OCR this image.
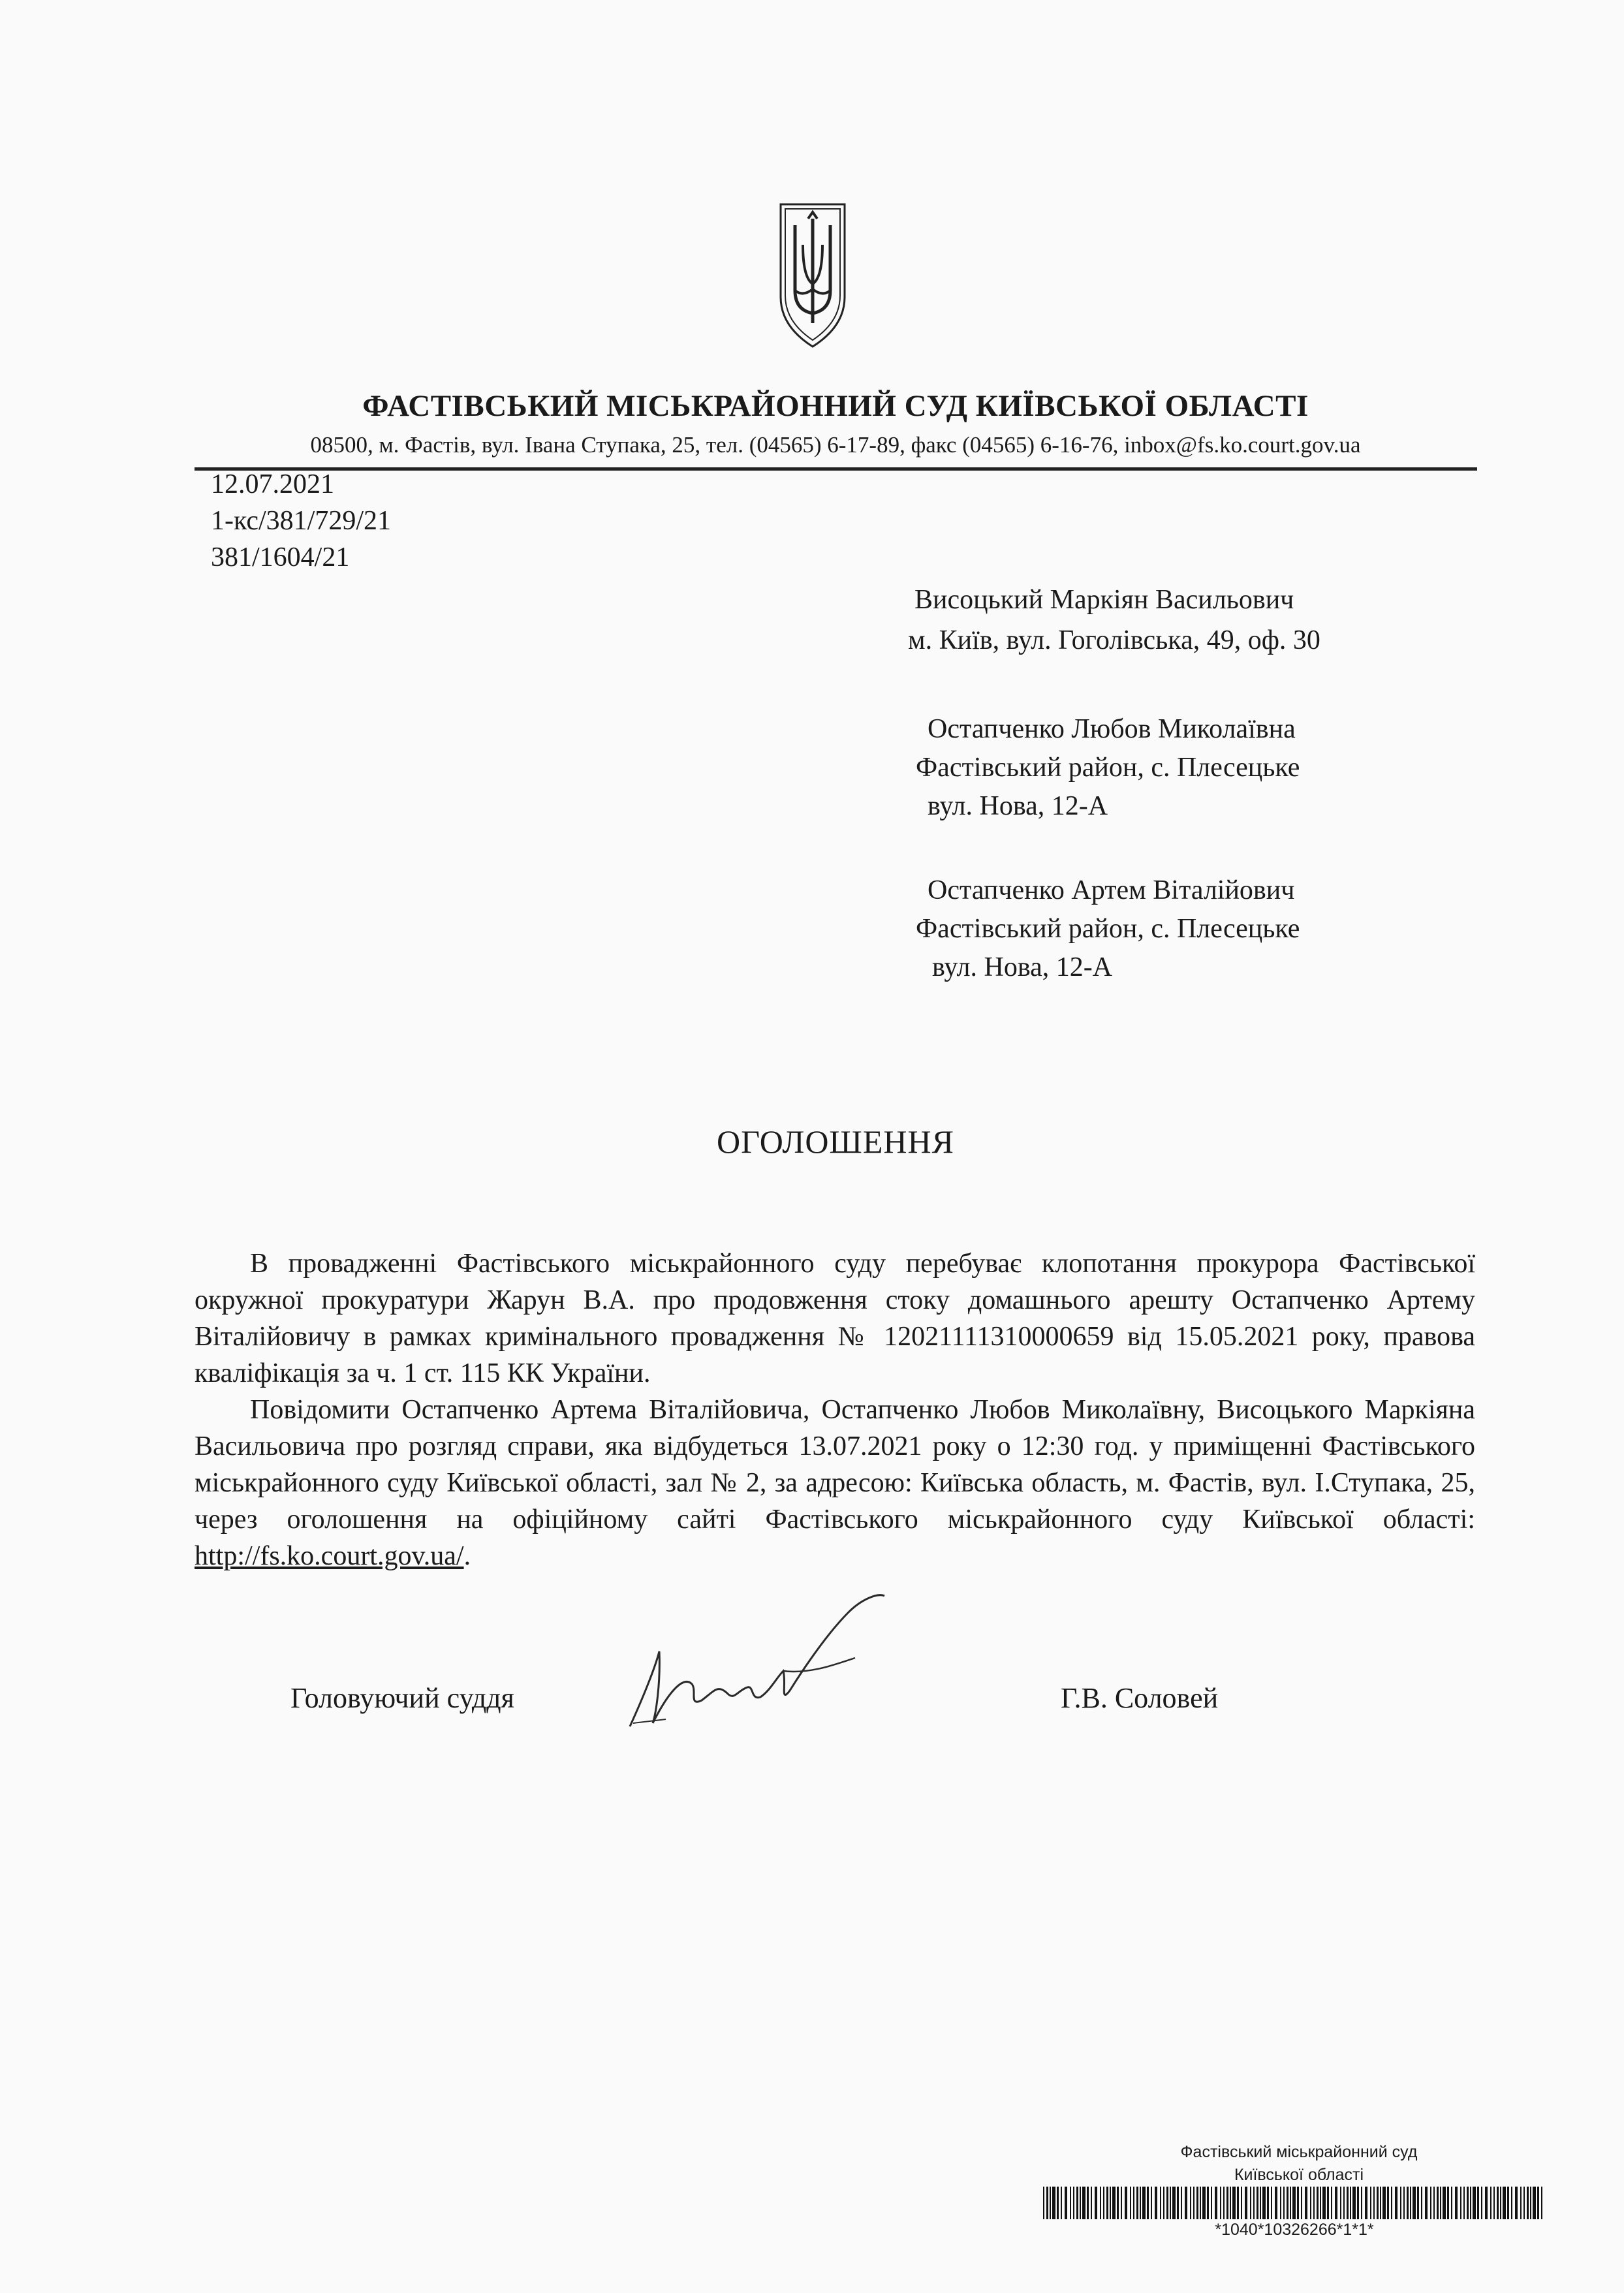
ФАСТІВСЬКИЙ МІСЬКРАЙОННИЙ СУД КИЇВСЬКОЇ ОБЛАСТІ
08500, м. Фастів, вул. Івана Ступака, 25, тел. (04565) 6-17-89, факс (04565) 6-16-76, inbox@fs.ko.court.gov.ua
12.07.2021
1-кс/381/729/21
381/1604/21
Висоцький Маркіян Васильович
м. Київ, вул. Гоголівська, 49, оф. 30
Остапченко Любов Миколаївна
Фастівський район, с. Плесецьке
вул. Нова, 12-А
Остапченко Артем Віталійович
Фастівський район, с. Плесецьке
вул. Нова, 12-А
ОГОЛОШЕННЯ

В провадженні Фастівського міськрайонного суду перебуває клопотання прокурора Фастівської окружної прокуратури Жарун В.А. про продовження стоку домашнього арешту Остапченко Артему Віталійовичу в рамках кримінального провадження № 12021111310000659 від 15.05.2021 року, правова кваліфікація за ч. 1 ст. 115 КК України.

Повідомити Остапченко Артема Віталійовича, Остапченко Любов Миколаївну, Висоцького Маркіяна Васильовича про розгляд справи, яка відбудеться 13.07.2021 року о 12:30 год. у приміщенні Фастівського міськрайонного суду Київської області, зал № 2, за адресою: Київська область, м. Фастів, вул. І.Ступака, 25, через оголошення на офіційному сайті Фастівського міськрайонного суду Київської області: http://fs.ko.court.gov.ua/.

Головуючий суддя	Г.В. Соловей
Фастівський міськрайонний суд
Київської області
*1040*10326266*1*1*
